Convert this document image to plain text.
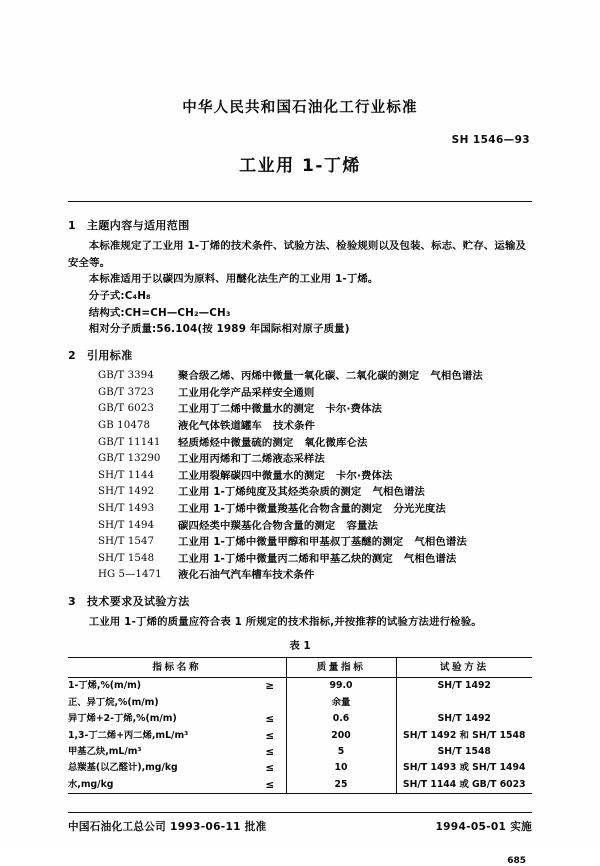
中华人民共和国石油化工行业标准
SH 1546—93
工业用 1-丁烯
1 主题内容与适用范围

本标准规定了工业用 1-丁烯的技术条件、试验方法、检验规则以及包装、标志、贮存、运输及安全等。

本标准适用于以碳四为原料、用醚化法生产的工业用 1-丁烯。

分子式:C₄H₈

结构式:CH=CH—CH₂—CH₃

相对分子质量:56.104(按 1989 年国际相对原子质量)

2 引用标准
GB/T 3394	聚合级乙烯、丙烯中微量一氧化碳、二氧化碳的测定   气相色谱法
GB/T 3723	工业用化学产品采样安全通则
GB/T 6023	工业用丁二烯中微量水的测定   卡尔·费体法
GB 10478	液化气体铁道罐车   技术条件
GB/T 11141	轻质烯烃中微量硫的测定   氧化微库仑法
GB/T 13290	工业用丙烯和丁二烯液态采样法
SH/T 1144	工业用裂解碳四中微量水的测定   卡尔·费体法
SH/T 1492	工业用 1-丁烯纯度及其烃类杂质的测定   气相色谱法
SH/T 1493	工业用 1-丁烯中微量羧基化合物含量的测定   分光光度法
SH/T 1494	碳四烃类中羰基化合物含量的测定   容量法
SH/T 1547	工业用 1-丁烯中微量甲醇和甲基叔丁基醚的测定   气相色谱法
SH/T 1548	工业用 1-丁烯中微量丙二烯和甲基乙炔的测定   气相色谱法
HG 5—1471	液化石油气汽车槽车技术条件
3 技术要求及试验方法

工业用 1-丁烯的质量应符合表 1 所规定的技术指标,并按推荐的试验方法进行检验。

表 1
指标名称		质量指标	试验方法
1-丁烯,%(m/m)	≥	99.0	SH/T 1492
正、异丁烷,%(m/m)		余量	
异丁烯+2-丁烯,%(m/m)	≤	0.6	SH/T 1492
1,3-丁二烯+丙二烯,mL/m³	≤	200	SH/T 1492 和 SH/T 1548
甲基乙炔,mL/m³	≤	5	SH/T 1548
总羰基(以乙醛计),mg/kg	≤	10	SH/T 1493 或 SH/T 1494
水,mg/kg	≤	25	SH/T 1144 或 GB/T 6023
中国石油化工总公司 1993-06-11 批准	1994-05-01 实施
685
